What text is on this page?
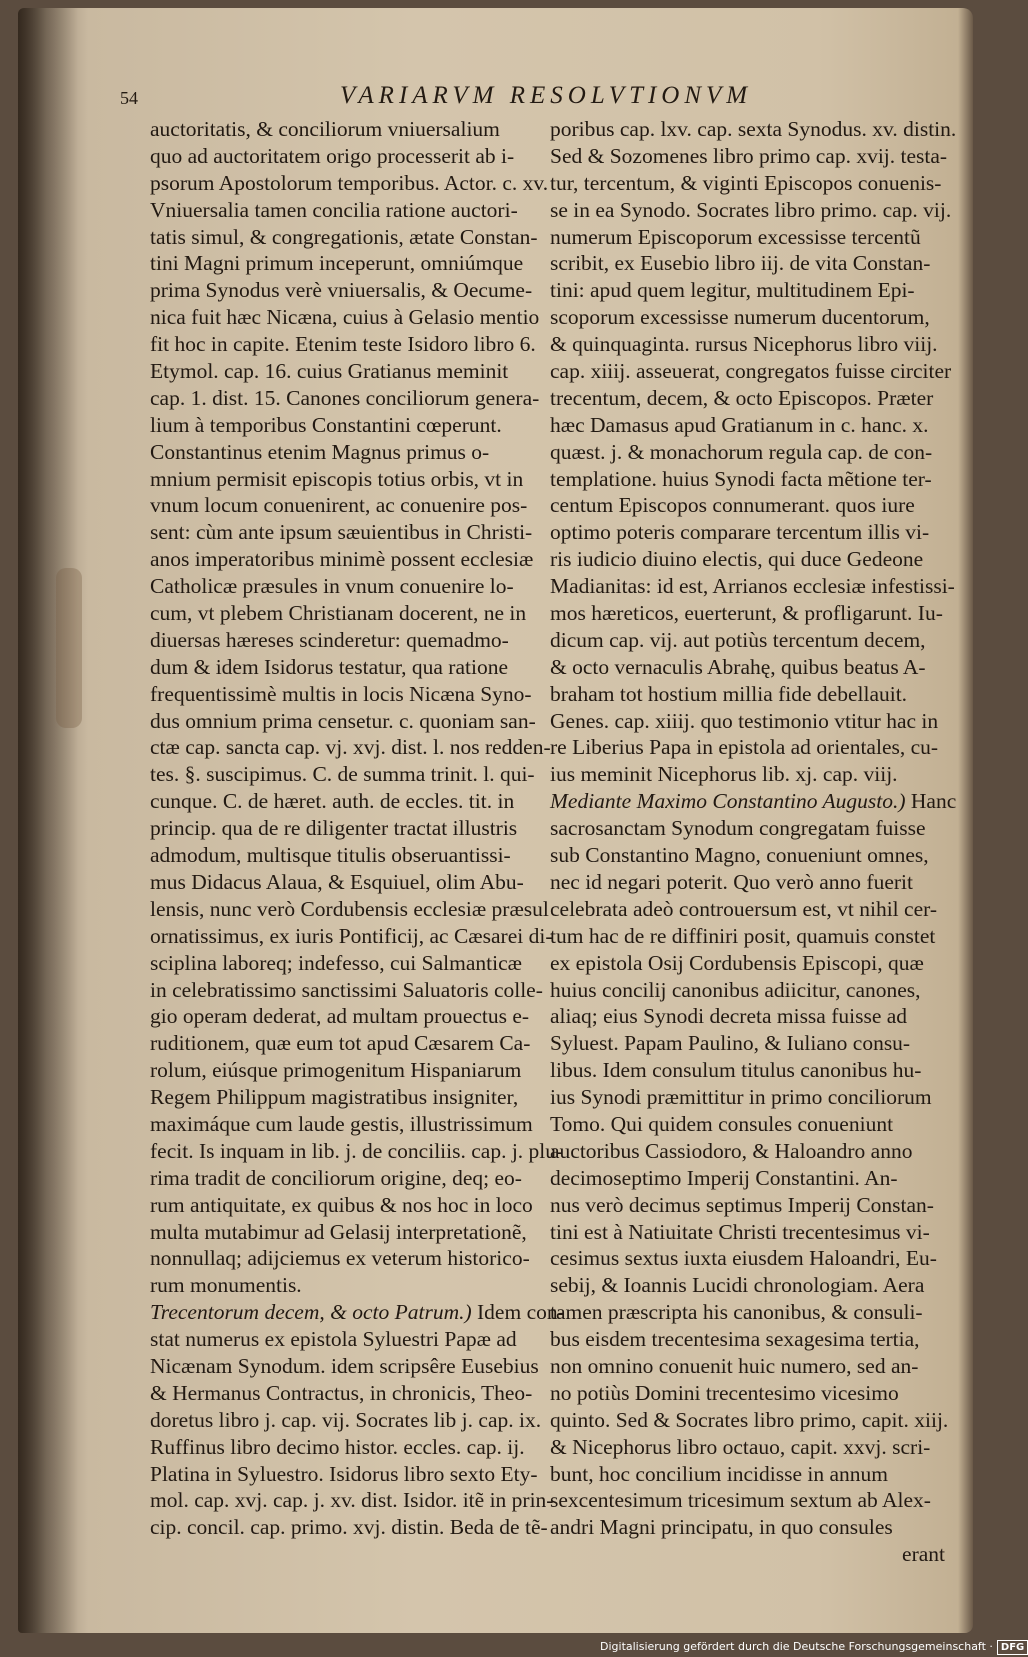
54	VARIARVM RESOLVTIONVM
auctoritatis, & conciliorum vniuersalium
quo ad auctoritatem origo processerit ab i-
psorum Apostolorum temporibus. Actor. c. xv.
Vniuersalia tamen concilia ratione auctori-
tatis simul, & congregationis, ætate Constan-
tini Magni primum inceperunt, omniúmque
prima Synodus verè vniuersalis, & Oecume-
nica fuit hæc Nicæna, cuius à Gelasio mentio
fit hoc in capite. Etenim teste Isidoro libro 6.
Etymol. cap. 16. cuius Gratianus meminit
cap. 1. dist. 15. Canones conciliorum genera-
lium à temporibus Constantini cœperunt.
Constantinus etenim Magnus primus o-
mnium permisit episcopis totius orbis, vt in
vnum locum conuenirent, ac conuenire pos-
sent: cùm ante ipsum sæuientibus in Christi-
anos imperatoribus minimè possent ecclesiæ
Catholicæ præsules in vnum conuenire lo-
cum, vt plebem Christianam docerent, ne in
diuersas hæreses scinderetur: quemadmo-
dum & idem Isidorus testatur, qua ratione
frequentissimè multis in locis Nicæna Syno-
dus omnium prima censetur. c. quoniam san-
ctæ cap. sancta cap. vj. xvj. dist. l. nos redden-
tes. §. suscipimus. C. de summa trinit. l. qui-
cunque. C. de hæret. auth. de eccles. tit. in
princip. qua de re diligenter tractat illustris
admodum, multisque titulis obseruantissi-
mus Didacus Alaua, & Esquiuel, olim Abu-
lensis, nunc verò Cordubensis ecclesiæ præsul
ornatissimus, ex iuris Pontificij, ac Cæsarei di-
sciplina laboreq; indefesso, cui Salmanticæ
in celebratissimo sanctissimi Saluatoris colle-
gio operam dederat, ad multam prouectus e-
ruditionem, quæ eum tot apud Cæsarem Ca-
rolum, eiúsque primogenitum Hispaniarum
Regem Philippum magistratibus insigniter,
maximáque cum laude gestis, illustrissimum
fecit. Is inquam in lib. j. de conciliis. cap. j. plu-
rima tradit de conciliorum origine, deq; eo-
rum antiquitate, ex quibus & nos hoc in loco
multa mutabimur ad Gelasij interpretationẽ,
nonnullaq; adijciemus ex veterum historico-
rum monumentis.
Trecentorum decem, & octo Patrum.) Idem con-
stat numerus ex epistola Syluestri Papæ ad
Nicænam Synodum. idem scripsêre Eusebius
& Hermanus Contractus, in chronicis, Theo-
doretus libro j. cap. vij. Socrates lib j. cap. ix.
Ruffinus libro decimo histor. eccles. cap. ij.
Platina in Syluestro. Isidorus libro sexto Ety-
mol. cap. xvj. cap. j. xv. dist. Isidor. itẽ in prin-
cip. concil. cap. primo. xvj. distin. Beda de tẽ-
poribus cap. lxv. cap. sexta Synodus. xv. distin.
Sed & Sozomenes libro primo cap. xvij. testa-
tur, tercentum, & viginti Episcopos conuenis-
se in ea Synodo. Socrates libro primo. cap. vij.
numerum Episcoporum excessisse tercentũ
scribit, ex Eusebio libro iij. de vita Constan-
tini: apud quem legitur, multitudinem Epi-
scoporum excessisse numerum ducentorum,
& quinquaginta. rursus Nicephorus libro viij.
cap. xiiij. asseuerat, congregatos fuisse circiter
trecentum, decem, & octo Episcopos. Præter
hæc Damasus apud Gratianum in c. hanc. x.
quæst. j. & monachorum regula cap. de con-
templatione. huius Synodi facta mẽtione ter-
centum Episcopos connumerant. quos iure
optimo poteris comparare tercentum illis vi-
ris iudicio diuino electis, qui duce Gedeone
Madianitas: id est, Arrianos ecclesiæ infestissi-
mos hæreticos, euerterunt, & profligarunt. Iu-
dicum cap. vij. aut potiùs tercentum decem,
& octo vernaculis Abrahę, quibus beatus A-
braham tot hostium millia fide debellauit.
Genes. cap. xiiij. quo testimonio vtitur hac in
re Liberius Papa in epistola ad orientales, cu-
ius meminit Nicephorus lib. xj. cap. viij.
Mediante Maximo Constantino Augusto.) Hanc
sacrosanctam Synodum congregatam fuisse
sub Constantino Magno, conueniunt omnes,
nec id negari poterit. Quo verò anno fuerit
celebrata adeò controuersum est, vt nihil cer-
tum hac de re diffiniri posit, quamuis constet
ex epistola Osij Cordubensis Episcopi, quæ
huius concilij canonibus adiicitur, canones,
aliaq; eius Synodi decreta missa fuisse ad
Syluest. Papam Paulino, & Iuliano consu-
libus. Idem consulum titulus canonibus hu-
ius Synodi præmittitur in primo conciliorum
Tomo. Qui quidem consules conueniunt
auctoribus Cassiodoro, & Haloandro anno
decimoseptimo Imperij Constantini. An-
nus verò decimus septimus Imperij Constan-
tini est à Natiuitate Christi trecentesimus vi-
cesimus sextus iuxta eiusdem Haloandri, Eu-
sebij, & Ioannis Lucidi chronologiam. Aera
tamen præscripta his canonibus, & consuli-
bus eisdem trecentesima sexagesima tertia,
non omnino conuenit huic numero, sed an-
no potiùs Domini trecentesimo vicesimo
quinto. Sed & Socrates libro primo, capit. xiij.
& Nicephorus libro octauo, capit. xxvj. scri-
bunt, hoc concilium incidisse in annum
sexcentesimum tricesimum sextum ab Alex-
andri Magni principatu, in quo consules
erant
Digitalisierung gefördert durch die Deutsche Forschungsgemeinschaft · DFG
